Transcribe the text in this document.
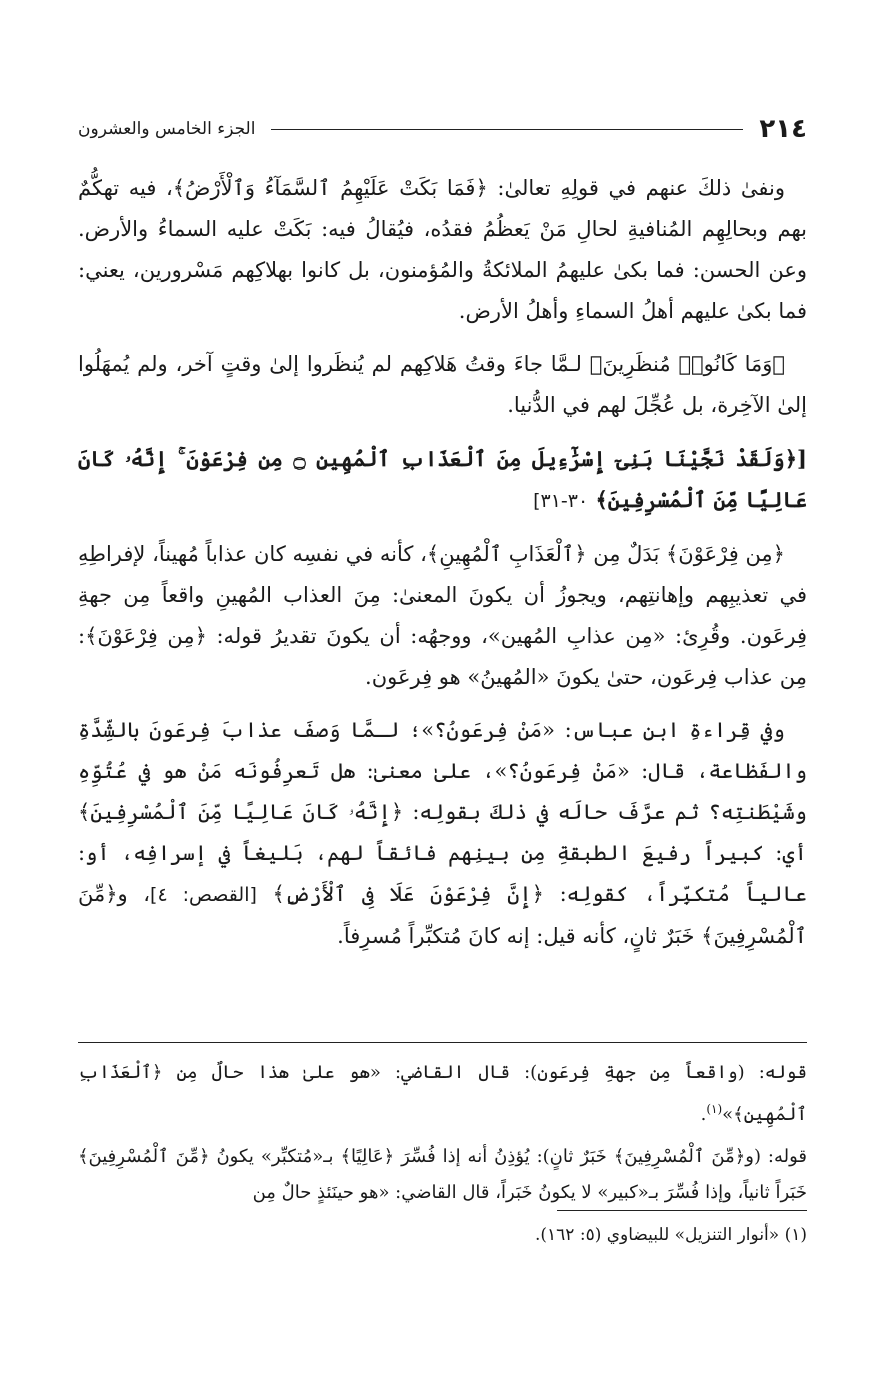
٢١٤
الجزء الخامس والعشرون

ونفىٰ ذلكَ عنهم في قولِهِ تعالىٰ: ﴿فَمَا بَكَتْ عَلَيْهِمُ ٱلسَّمَآءُ وَٱلْأَرْضُ﴾، فيه تهكُّمٌ بهم وبحالِهِم المُنافيةِ لحالِ مَنْ يَعظُمُ فقدُه، فيُقالُ فيه: بَكَتْ عليه السماءُ والأرض. وعن الحسن: فما بكىٰ عليهمُ الملائكةُ والمُؤمنون، بل كانوا بهلاكِهم مَسْرورين، يعني: فما بكىٰ عليهم أهلُ السماءِ وأهلُ الأرض.

﴿وَمَا كَانُوا۟ مُنظَرِينَ﴾ لـمَّا جاءَ وقتُ هَلاكِهم لم يُنظَروا إلىٰ وقتٍ آخر، ولم يُمهَلُوا إلىٰ الآخِرة، بل عُجِّلَ لهم في الدُّنيا.

[﴿وَلَقَدْ نَجَّيْنَا بَنِىٓ إِسْرَٰٓءِيلَ مِنَ ٱلْعَذَابِ ٱلْمُهِينِ ۝ مِن فِرْعَوْنَ ۚ إِنَّهُۥ كَانَ عَالِيًا مِّنَ ٱلْمُسْرِفِينَ﴾ ٣٠-٣١]

﴿مِن فِرْعَوْنَ﴾ بَدَلٌ مِن ﴿ٱلْعَذَابِ ٱلْمُهِينِ﴾، كأنه في نفسِه كان عذاباً مُهيناً، لإفراطِهِ في تعذيبِهم وإهانتِهم، ويجوزُ أن يكونَ المعنىٰ: مِنَ العذاب المُهينِ واقعاً مِن جهةِ فِرعَون. وقُرِئ: «مِن عذابِ المُهين»، ووجهُه: أن يكونَ تقديرُ قوله: ﴿مِن فِرْعَوْنَ﴾: مِن عذاب فِرعَون، حتىٰ يكونَ «المُهينُ» هو فِرعَون.

وفي قِراءةِ ابنِ عباس: «مَنْ فِرعَونُ؟»؛ لـمَّا وَصفَ عذابَ فِرعَونَ بالشِّدَّةِ والفَظاعة، قال: «مَنْ فِرعَونُ؟»، علىٰ معنىٰ: هل تَعرِفُونَه مَنْ هو في عُتُوِّهِ وشَيْطَنتِه؟ ثم عرَّفَ حالَه في ذلكَ بقولِه: ﴿إِنَّهُۥ كَانَ عَالِيًا مِّنَ ٱلْمُسْرِفِينَ﴾ أي: كبيراً رفيعَ الطبقةِ مِن بينِهم فائقاً لهم، بَليغاً في إسرافِه، أو: عالياً مُتكبِّراً، كقولِه: ﴿إِنَّ فِرْعَوْنَ عَلَا فِى ٱلْأَرْضِ﴾ [القصص: ٤]، و﴿مِّنَ ٱلْمُسْرِفِينَ﴾ خَبَرٌ ثانٍ، كأنه قيل: إنه كانَ مُتكبِّراً مُسرِفاً.

قوله: (واقعاً مِن جهةِ فِرعَون): قال القاضي: «هو علىٰ هذا حالٌ مِن ﴿ٱلْعَذَابِ ٱلْمُهِينِ﴾»$^{(١)}$.

قوله: (و﴿مِّنَ ٱلْمُسْرِفِينَ﴾ خَبَرٌ ثانٍ): يُؤذِنُ أنه إذا فُسِّرَ ﴿عَالِيًا﴾ بـ«مُتكبِّر» يكونُ ﴿مِّنَ ٱلْمُسْرِفِينَ﴾ خَبَراً ثانياً، وإذا فُسِّرَ بـ«كبير» لا يكونُ خَبَراً، قال القاضي: «هو حينَئذٍ حالٌ مِن

(١) «أنوار التنزيل» للبيضاوي (٥: ١٦٢).
